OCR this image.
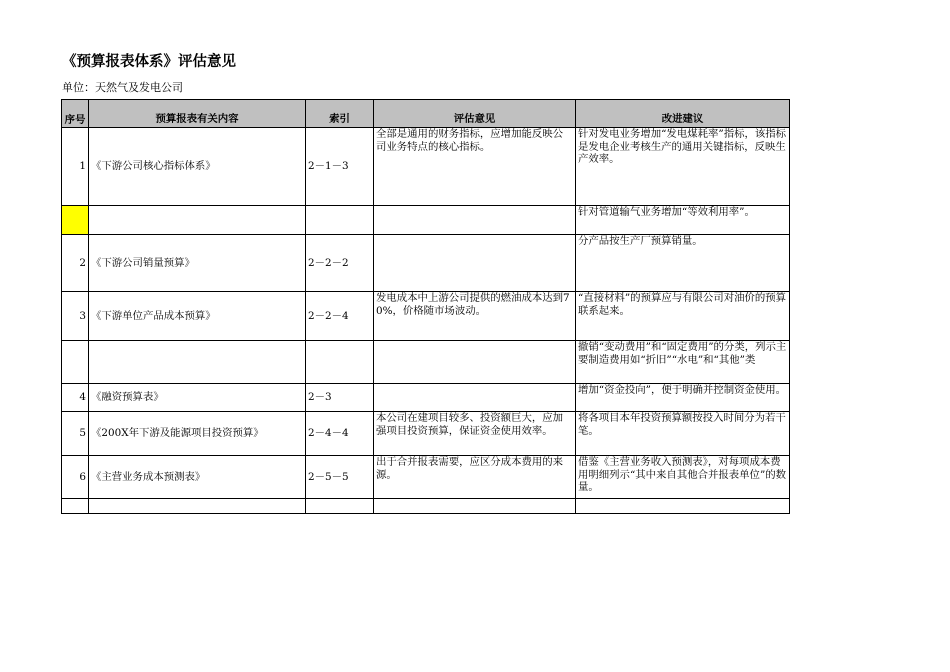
《预算报表体系》评估意见
单位：天然气及发电公司
序号	预算报表有关内容	索引	评估意见	改进建议
1	《下游公司核心指标体系》	2－1－3	全部是通用的财务指标，应增加能反映公司业务特点的核心指标。	针对发电业务增加“发电煤耗率”指标，该指标是发电企业考核生产的通用关键指标，反映生产效率。
				针对管道输气业务增加“等效利用率”。
2	《下游公司销量预算》	2－2－2		分产品按生产厂预算销量。
3	《下游单位产品成本预算》	2－2－4	发电成本中上游公司提供的燃油成本达到70%，价格随市场波动。	“直接材料”的预算应与有限公司对油价的预算联系起来。
				撤销“变动费用”和“固定费用”的分类，列示主要制造费用如“折旧”“水电”和“其他”类
4	《融资预算表》	2－3		增加“资金投向”，便于明确并控制资金使用。
5	《200X年下游及能源项目投资预算》	2－4－4	本公司在建项目较多、投资额巨大，应加强项目投资预算，保证资金使用效率。	将各项目本年投资预算额按投入时间分为若干笔。
6	《主营业务成本预测表》	2－5－5	出于合并报表需要，应区分成本费用的来源。	借鉴《主营业务收入预测表》，对每项成本费用明细列示“其中来自其他合并报表单位”的数量。
